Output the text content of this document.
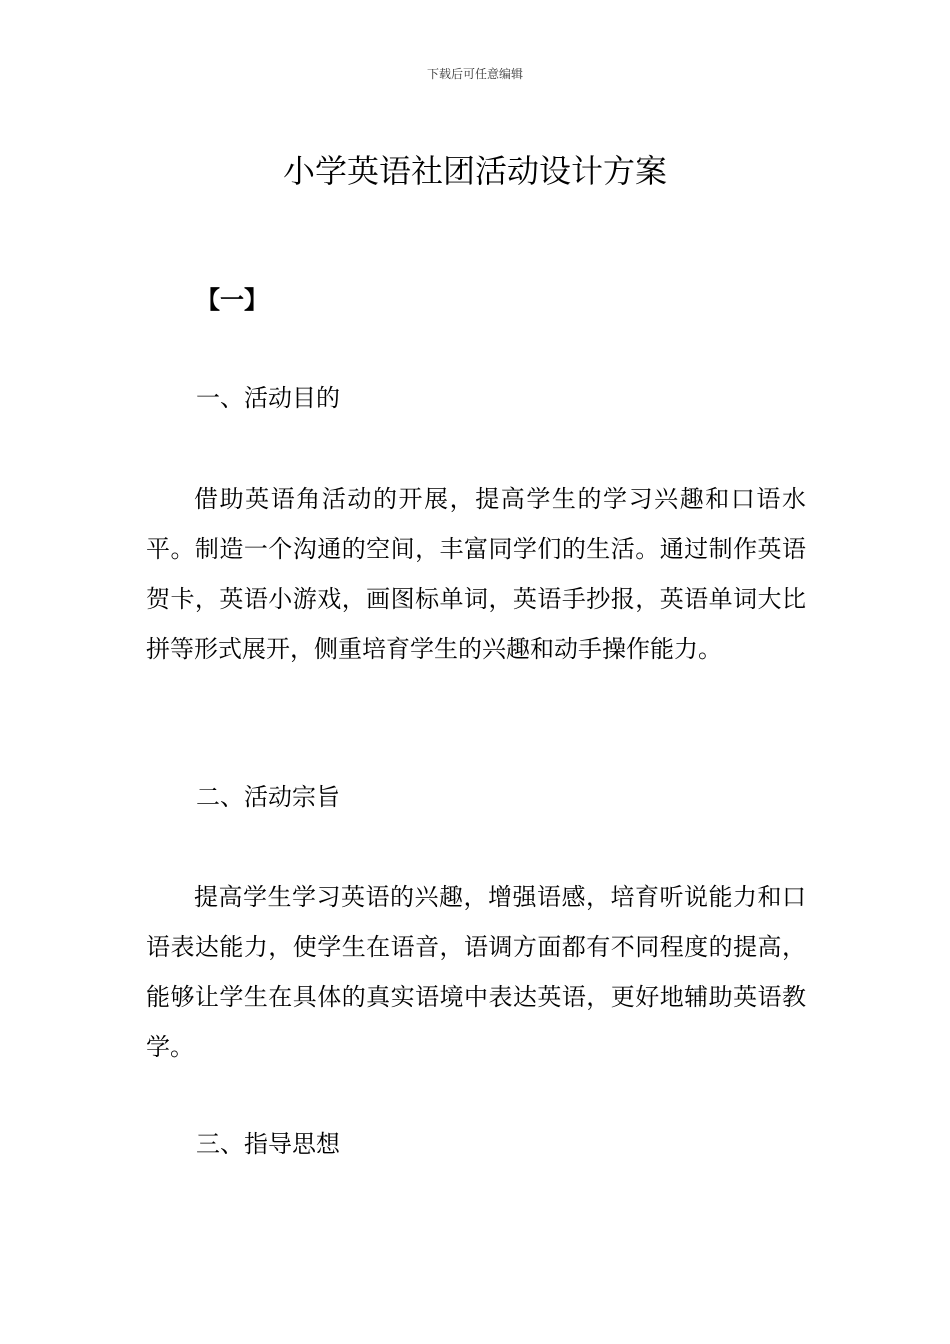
下载后可任意编辑
小学英语社团活动设计方案
【一】
一、活动目的

借助英语角活动的开展，提高学生的学习兴趣和口语水平。制造一个沟通的空间，丰富同学们的生活。通过制作英语贺卡，英语小游戏，画图标单词，英语手抄报，英语单词大比拼等形式展开，侧重培育学生的兴趣和动手操作能力。

二、活动宗旨

提高学生学习英语的兴趣，增强语感，培育听说能力和口语表达能力，使学生在语音，语调方面都有不同程度的提高，能够让学生在具体的真实语境中表达英语，更好地辅助英语教学。

三、指导思想
